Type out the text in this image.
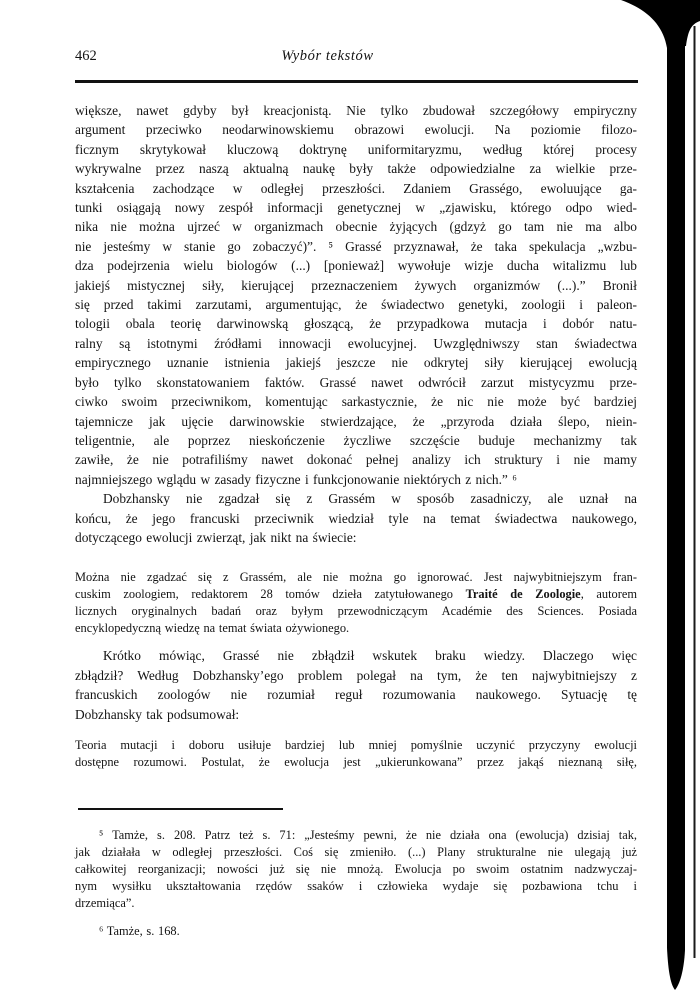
462	Wybór tekstów
większe, nawet gdyby był kreacjonistą. Nie tylko zbudował szczegółowy empiryczny
argument przeciwko neodarwinowskiemu obrazowi ewolucji. Na poziomie filozo-
ficznym skrytykował kluczową doktrynę uniformitaryzmu, według której procesy
wykrywalne przez naszą aktualną naukę były także odpowiedzialne za wielkie prze-
kształcenia zachodzące w odległej przeszłości. Zdaniem Grasségo, ewoluujące ga-
tunki osiągają nowy zespół informacji genetycznej w „zjawisku, którego odpo wied-
nika nie można ujrzeć w organizmach obecnie żyjących (gdzyż go tam nie ma albo
nie jesteśmy w stanie go zobaczyć)”. ⁵ Grassé przyznawał, że taka spekulacja „wzbu-
dza podejrzenia wielu biologów (...) [ponieważ] wywołuje wizje ducha witalizmu lub
jakiejś mistycznej siły, kierującej przeznaczeniem żywych organizmów (...).” Bronił
się przed takimi zarzutami, argumentując, że świadectwo genetyki, zoologii i paleon-
tologii obala teorię darwinowską głoszącą, że przypadkowa mutacja i dobór natu-
ralny są istotnymi źródłami innowacji ewolucyjnej. Uwzględniwszy stan świadectwa
empirycznego uznanie istnienia jakiejś jeszcze nie odkrytej siły kierującej ewolucją
było tylko skonstatowaniem faktów. Grassé nawet odwrócił zarzut mistycyzmu prze-
ciwko swoim przeciwnikom, komentując sarkastycznie, że nic nie może być bardziej
tajemnicze jak ujęcie darwinowskie stwierdzające, że „przyroda działa ślepo, niein-
teligentnie, ale poprzez nieskończenie życzliwe szczęście buduje mechanizmy tak
zawiłe, że nie potrafiliśmy nawet dokonać pełnej analizy ich struktury i nie mamy
najmniejszego wglądu w zasady fizyczne i funkcjonowanie niektórych z nich.” ⁶
Dobzhansky nie zgadzał się z Grassém w sposób zasadniczy, ale uznał na
końcu, że jego francuski przeciwnik wiedział tyle na temat świadectwa naukowego,
dotyczącego ewolucji zwierząt, jak nikt na świecie:
Można nie zgadzać się z Grassém, ale nie można go ignorować. Jest najwybitniejszym fran-
cuskim zoologiem, redaktorem 28 tomów dzieła zatytułowanego Traité de Zoologie, autorem
licznych oryginalnych badań oraz byłym przewodniczącym Académie des Sciences. Posiada
encyklopedyczną wiedzę na temat świata ożywionego.
Krótko mówiąc, Grassé nie zbłądził wskutek braku wiedzy. Dlaczego więc
zbłądził? Według Dobzhansky’ego problem polegał na tym, że ten najwybitniejszy z
francuskich zoologów nie rozumiał reguł rozumowania naukowego. Sytuację tę
Dobzhansky tak podsumował:
Teoria mutacji i doboru usiłuje bardziej lub mniej pomyślnie uczynić przyczyny ewolucji
dostępne rozumowi. Postulat, że ewolucja jest „ukierunkowana” przez jakąś nieznaną siłę,
⁵ Tamże, s. 208. Patrz też s. 71: „Jesteśmy pewni, że nie działa ona (ewolucja) dzisiaj tak,
jak działała w odległej przeszłości. Coś się zmieniło. (...) Plany strukturalne nie ulegają już
całkowitej reorganizacji; nowości już się nie mnożą. Ewolucja po swoim ostatnim nadzwyczaj-
nym wysiłku ukształtowania rzędów ssaków i człowieka wydaje się pozbawiona tchu i
drzemiąca”.
⁶ Tamże, s. 168.
